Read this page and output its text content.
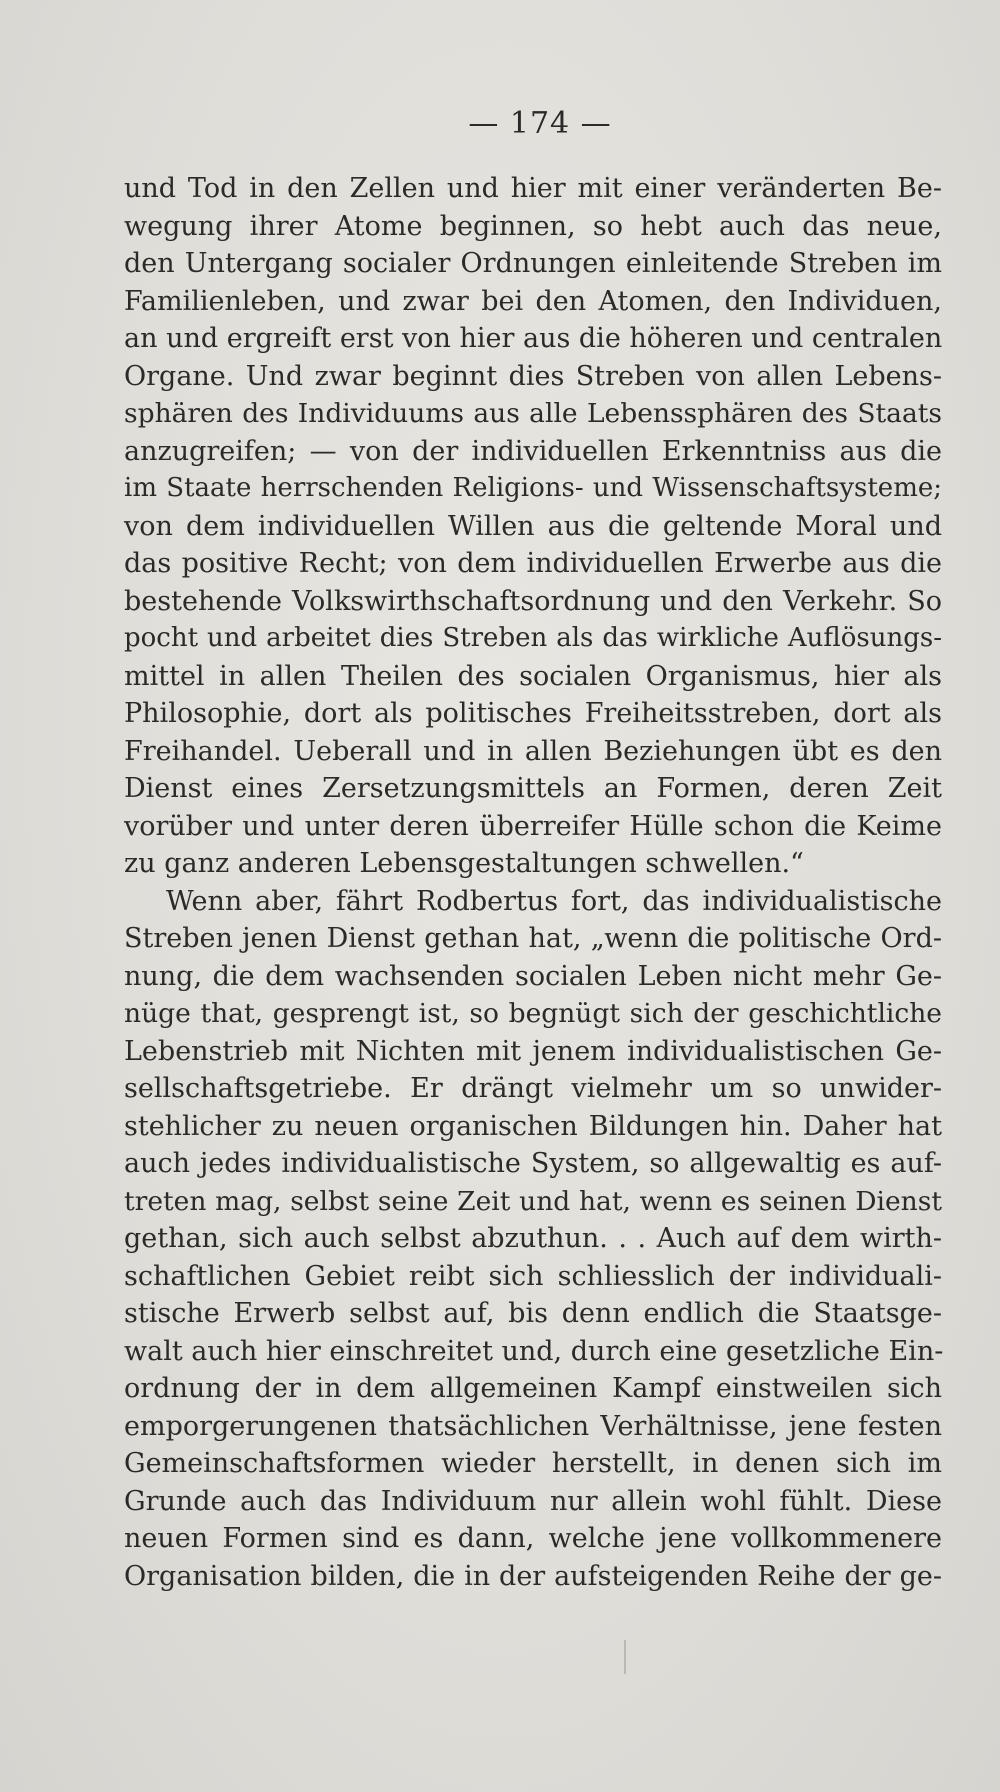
— 174 —
und Tod in den Zellen und hier mit einer veränderten Be-
wegung ihrer Atome beginnen, so hebt auch das neue,
den Untergang socialer Ordnungen einleitende Streben im
Familienleben, und zwar bei den Atomen, den Individuen,
an und ergreift erst von hier aus die höheren und centralen
Organe. Und zwar beginnt dies Streben von allen Lebens-
sphären des Individuums aus alle Lebenssphären des Staats
anzugreifen; — von der individuellen Erkenntniss aus die
im Staate herrschenden Religions- und Wissenschaftsysteme;
von dem individuellen Willen aus die geltende Moral und
das positive Recht; von dem individuellen Erwerbe aus die
bestehende Volkswirthschaftsordnung und den Verkehr. So
pocht und arbeitet dies Streben als das wirkliche Auflösungs-
mittel in allen Theilen des socialen Organismus, hier als
Philosophie, dort als politisches Freiheitsstreben, dort als
Freihandel. Ueberall und in allen Beziehungen übt es den
Dienst eines Zersetzungsmittels an Formen, deren Zeit
vorüber und unter deren überreifer Hülle schon die Keime
zu ganz anderen Lebensgestaltungen schwellen.“
Wenn aber, fährt Rodbertus fort, das individualistische
Streben jenen Dienst gethan hat, „wenn die politische Ord-
nung, die dem wachsenden socialen Leben nicht mehr Ge-
nüge that, gesprengt ist, so begnügt sich der geschichtliche
Lebenstrieb mit Nichten mit jenem individualistischen Ge-
sellschaftsgetriebe. Er drängt vielmehr um so unwider-
stehlicher zu neuen organischen Bildungen hin. Daher hat
auch jedes individualistische System, so allgewaltig es auf-
treten mag, selbst seine Zeit und hat, wenn es seinen Dienst
gethan, sich auch selbst abzuthun. . . Auch auf dem wirth-
schaftlichen Gebiet reibt sich schliesslich der individuali-
stische Erwerb selbst auf, bis denn endlich die Staatsge-
walt auch hier einschreitet und, durch eine gesetzliche Ein-
ordnung der in dem allgemeinen Kampf einstweilen sich
emporgerungenen thatsächlichen Verhältnisse, jene festen
Gemeinschaftsformen wieder herstellt, in denen sich im
Grunde auch das Individuum nur allein wohl fühlt. Diese
neuen Formen sind es dann, welche jene vollkommenere
Organisation bilden, die in der aufsteigenden Reihe der ge-
